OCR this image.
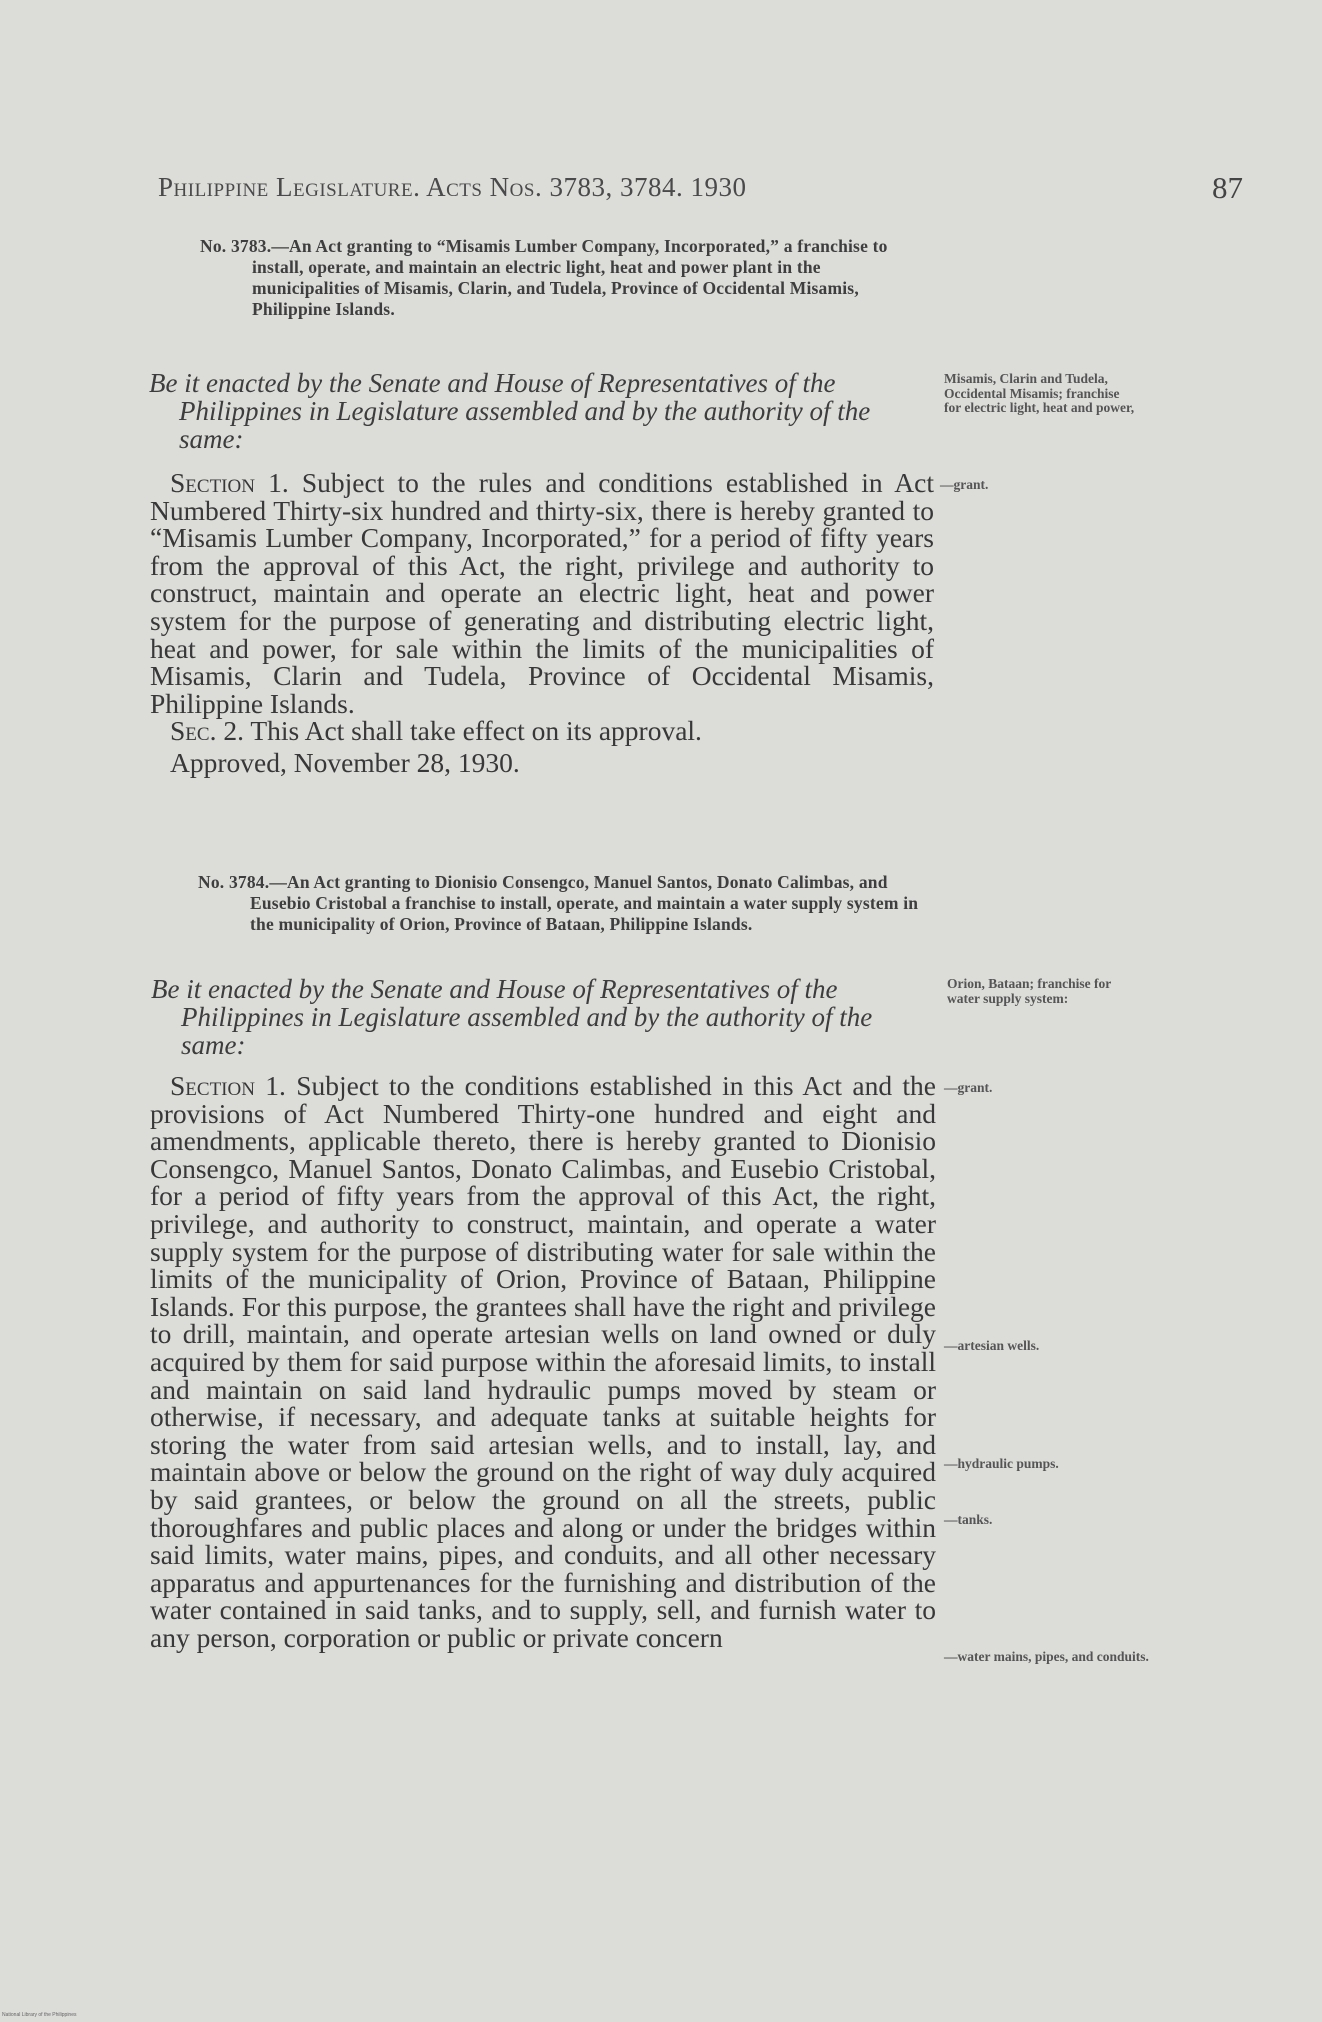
Philippine Legislature. Acts Nos. 3783, 3784. 1930	87
No. 3783.—An Act granting to “Misamis Lumber Company, Incorporated,” a franchise to install, operate, and maintain an electric light, heat and power plant in the municipalities of Misamis, Clarin, and Tudela, Province of Occidental Misamis, Philippine Islands.
Be it enacted by the Senate and House of Representatives of the Philippines in Legislature assembled and by the authority of the same:
Misamis, Clarin and Tudela, Occidental Misamis; franchise for electric light, heat and power,
—grant.

Section 1. Subject to the rules and conditions established in Act Numbered Thirty-six hundred and thirty-six, there is hereby granted to “Misamis Lumber Company, Incorporated,” for a period of fifty years from the approval of this Act, the right, privilege and authority to construct, maintain and operate an electric light, heat and power system for the purpose of generating and distributing electric light, heat and power, for sale within the limits of the municipalities of Misamis, Clarin and Tudela, Province of Occidental Misamis, Philippine Islands.

Sec. 2. This Act shall take effect on its approval.

Approved, November 28, 1930.

No. 3784.—An Act granting to Dionisio Consengco, Manuel Santos, Donato Calimbas, and Eusebio Cristobal a franchise to install, operate, and maintain a water supply system in the municipality of Orion, Province of Bataan, Philippine Islands.
Be it enacted by the Senate and House of Representatives of the Philippines in Legislature assembled and by the authority of the same:
Orion, Bataan; franchise for water supply system:
—grant.
—artesian wells.
—hydraulic pumps.
—tanks.
—water mains, pipes, and conduits.

Section 1. Subject to the conditions established in this Act and the provisions of Act Numbered Thirty-one hundred and eight and amendments, applicable thereto, there is hereby granted to Dionisio Consengco, Manuel Santos, Donato Calimbas, and Eusebio Cristobal, for a period of fifty years from the approval of this Act, the right, privilege, and authority to construct, maintain, and operate a water supply system for the purpose of distributing water for sale within the limits of the municipality of Orion, Province of Bataan, Philippine Islands. For this purpose, the grantees shall have the right and privilege to drill, maintain, and operate artesian wells on land owned or duly acquired by them for said purpose within the aforesaid limits, to install and maintain on said land hydraulic pumps moved by steam or otherwise, if necessary, and adequate tanks at suitable heights for storing the water from said artesian wells, and to install, lay, and maintain above or below the ground on the right of way duly acquired by said grantees, or below the ground on all the streets, public thoroughfares and public places and along or under the bridges within said limits, water mains, pipes, and conduits, and all other necessary apparatus and appurtenances for the furnishing and distribution of the water contained in said tanks, and to supply, sell, and furnish water to any person, corporation or public or private concern

National Library of the Philippines
